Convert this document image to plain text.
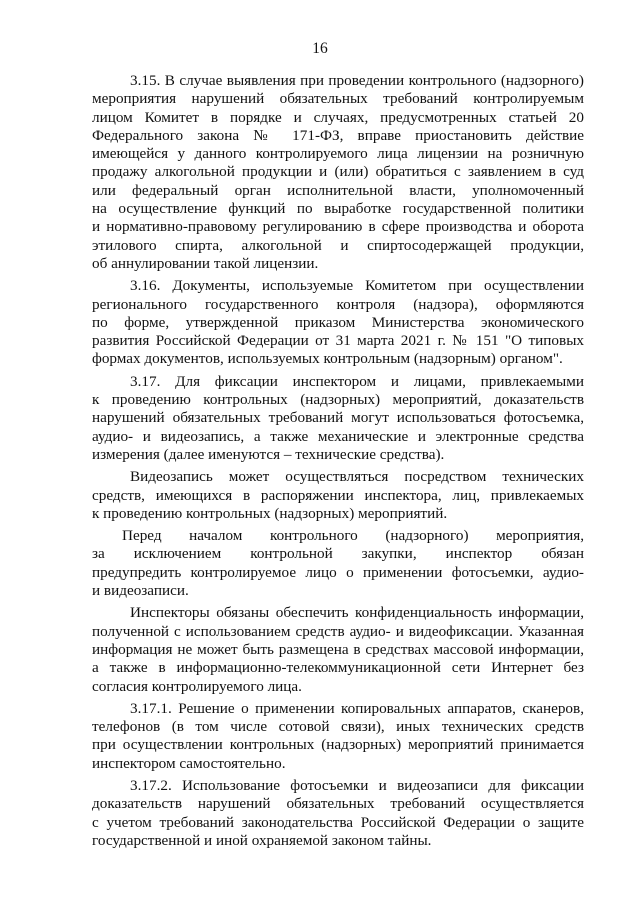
16
3.15. В случае выявления при проведении контрольного (надзорного)
мероприятия нарушений обязательных требований контролируемым
лицом Комитет в порядке и случаях, предусмотренных статьей 20
Федерального закона № 171-ФЗ, вправе приостановить действие
имеющейся у данного контролируемого лица лицензии на розничную
продажу алкогольной продукции и (или) обратиться с заявлением в суд
или федеральный орган исполнительной власти, уполномоченный
на осуществление функций по выработке государственной политики
и нормативно-правовому регулированию в сфере производства и оборота
этилового спирта, алкогольной и спиртосодержащей продукции,
об аннулировании такой лицензии.
3.16. Документы, используемые Комитетом при осуществлении
регионального государственного контроля (надзора), оформляются
по форме, утвержденной приказом Министерства экономического
развития Российской Федерации от 31 марта 2021 г. № 151 "О типовых
формах документов, используемых контрольным (надзорным) органом".
3.17. Для фиксации инспектором и лицами, привлекаемыми
к проведению контрольных (надзорных) мероприятий, доказательств
нарушений обязательных требований могут использоваться фотосъемка,
аудио- и видеозапись, а также механические и электронные средства
измерения (далее именуются – технические средства).
Видеозапись может осуществляться посредством технических
средств, имеющихся в распоряжении инспектора, лиц, привлекаемых
к проведению контрольных (надзорных) мероприятий.
Перед началом контрольного (надзорного) мероприятия,
за исключением контрольной закупки, инспектор обязан
предупредить контролируемое лицо о применении фотосъемки, аудио-
и видеозаписи.
Инспекторы обязаны обеспечить конфиденциальность информации,
полученной с использованием средств аудио- и видеофиксации. Указанная
информация не может быть размещена в средствах массовой информации,
а также в информационно-телекоммуникационной сети Интернет без
согласия контролируемого лица.
3.17.1. Решение о применении копировальных аппаратов, сканеров,
телефонов (в том числе сотовой связи), иных технических средств
при осуществлении контрольных (надзорных) мероприятий принимается
инспектором самостоятельно.
3.17.2. Использование фотосъемки и видеозаписи для фиксации
доказательств нарушений обязательных требований осуществляется
с учетом требований законодательства Российской Федерации о защите
государственной и иной охраняемой законом тайны.
